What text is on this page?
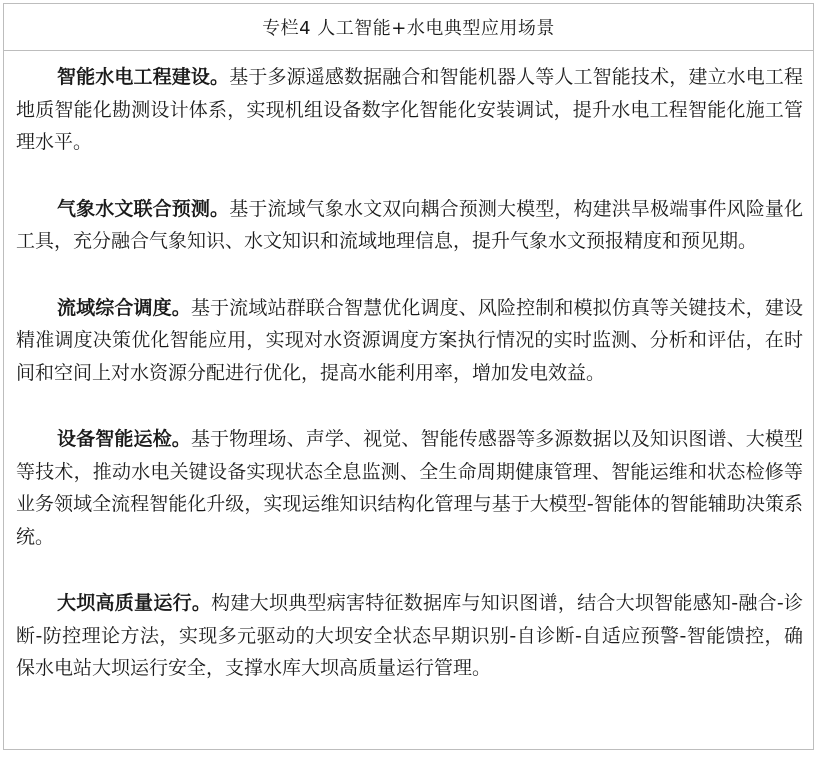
专栏4 人工智能+水电典型应用场景

智能水电工程建设。基于多源遥感数据融合和智能机器人等人工智能技术，建立水电工程地质智能化勘测设计体系，实现机组设备数字化智能化安装调试，提升水电工程智能化施工管理水平。

气象水文联合预测。基于流域气象水文双向耦合预测大模型，构建洪旱极端事件风险量化工具，充分融合气象知识、水文知识和流域地理信息，提升气象水文预报精度和预见期。

流域综合调度。基于流域站群联合智慧优化调度、风险控制和模拟仿真等关键技术，建设精准调度决策优化智能应用，实现对水资源调度方案执行情况的实时监测、分析和评估，在时间和空间上对水资源分配进行优化，提高水能利用率，增加发电效益。

设备智能运检。基于物理场、声学、视觉、智能传感器等多源数据以及知识图谱、大模型等技术，推动水电关键设备实现状态全息监测、全生命周期健康管理、智能运维和状态检修等业务领域全流程智能化升级，实现运维知识结构化管理与基于大模型-智能体的智能辅助决策系统。

大坝高质量运行。构建大坝典型病害特征数据库与知识图谱，结合大坝智能感知-融合-诊断-防控理论方法，实现多元驱动的大坝安全状态早期识别-自诊断-自适应预警-智能馈控，确保水电站大坝运行安全，支撑水库大坝高质量运行管理。
